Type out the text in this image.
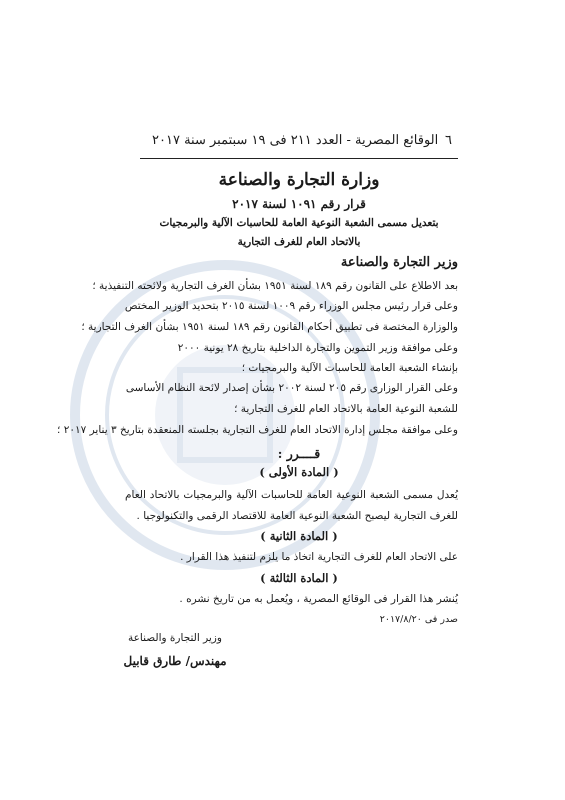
٦
الوقائع المصرية - العدد ٢١١ فى ١٩ سبتمبر سنة ٢٠١٧
وزارة التجارة والصناعة
قرار رقم ١٠٩١ لسنة ٢٠١٧
بتعديل مسمى الشعبة النوعية العامة للحاسبات الآلية والبرمجيات
بالاتحاد العام للغرف التجارية
وزير التجارة والصناعة
بعد الاطلاع على القانون رقم ١٨٩ لسنة ١٩٥١ بشأن الغرف التجارية ولائحته التنفيذية ؛
وعلى قرار رئيس مجلس الوزراء رقم ١٠٠٩ لسنة ٢٠١٥ بتحديد الوزير المختص
والوزارة المختصة فى تطبيق أحكام القانون رقم ١٨٩ لسنة ١٩٥١ بشأن الغرف التجارية ؛
وعلى موافقة وزير التموين والتجارة الداخلية بتاريخ ٢٨ يونية ٢٠٠٠
بإنشاء الشعبة العامة للحاسبات الآلية والبرمجيات ؛
وعلى القرار الوزارى رقم ٢٠٥ لسنة ٢٠٠٢ بشأن إصدار لائحة النظام الأساسى
للشعبة النوعية العامة بالاتحاد العام للغرف التجارية ؛
وعلى موافقة مجلس إدارة الاتحاد العام للغرف التجارية بجلسته المنعقدة بتاريخ ٣ يناير ٢٠١٧ ؛
قــــرر :
( المادة الأولى )
يُعدل مسمى الشعبة النوعية العامة للحاسبات الآلية والبرمجيات بالاتحاد العام
للغرف التجارية ليصبح الشعبة النوعية العامة للاقتصاد الرقمى والتكنولوجيا .
( المادة الثانية )
على الاتحاد العام للغرف التجارية اتخاذ ما يلزم لتنفيذ هذا القرار .
( المادة الثالثة )
يُنشر هذا القرار فى الوقائع المصرية ، ويُعمل به من تاريخ نشره .
صدر فى ٢٠١٧/٨/٢٠
وزير التجارة والصناعة
مهندس/ طارق قابيل
